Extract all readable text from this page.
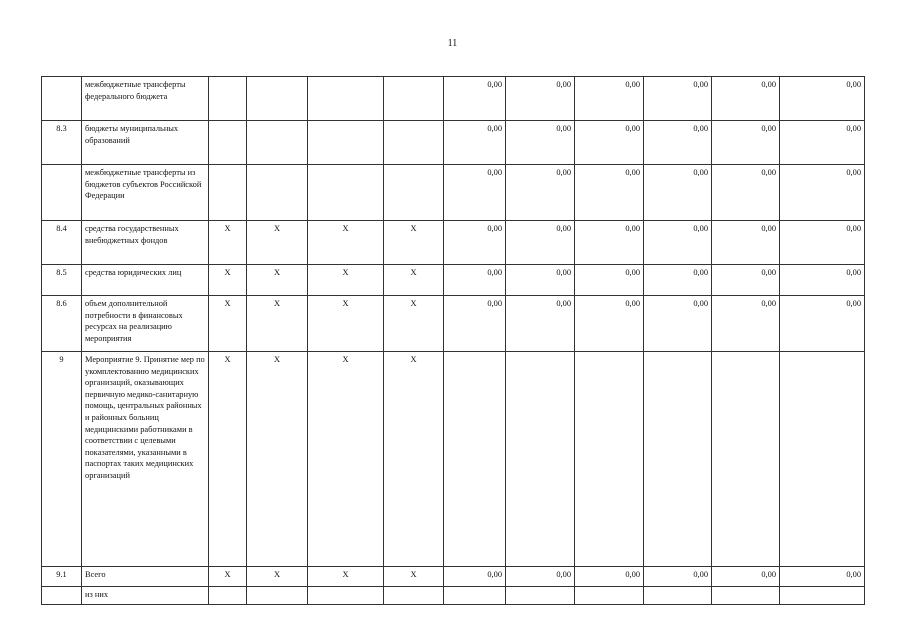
11
	межбюджетные трансферты федерального бюджета					0,00	0,00	0,00	0,00	0,00	0,00
8.3	бюджеты муниципальных образований					0,00	0,00	0,00	0,00	0,00	0,00
	межбюджетные трансферты из бюджетов субъектов Российской Федерации					0,00	0,00	0,00	0,00	0,00	0,00
8.4	средства государственных внебюджетных фондов	Х	Х	Х	Х	0,00	0,00	0,00	0,00	0,00	0,00
8.5	средства юридических лиц	Х	Х	Х	Х	0,00	0,00	0,00	0,00	0,00	0,00
8.6	объем дополнительной потребности в финансовых ресурсах на реализацию мероприятия	Х	Х	Х	Х	0,00	0,00	0,00	0,00	0,00	0,00
9	Мероприятие 9. Принятие мер по укомплектованию медицинских организаций, оказывающих первичную медико-санитарную помощь, центральных районных и районных больниц медицинскими работниками в соответствии с целевыми показателями, указанными в паспортах таких медицинских организаций	Х	Х	Х	Х						
9.1	Всего	Х	Х	Х	Х	0,00	0,00	0,00	0,00	0,00	0,00
	из них										
